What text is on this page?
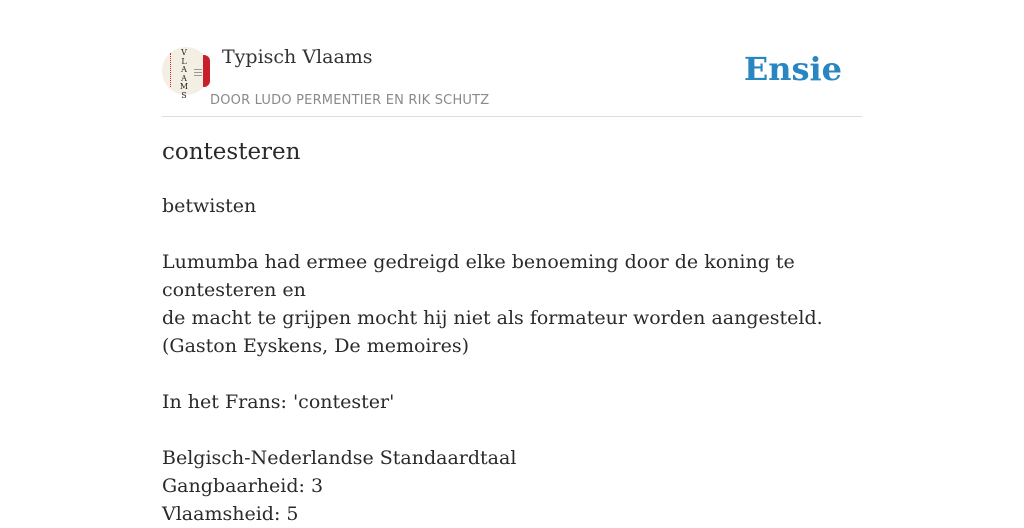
V
L
A
A
M
S
Typisch Vlaams
DOOR LUDO PERMENTIER EN RIK SCHUTZ
Ensie
contesteren

betwisten

Lumumba had ermee gedreigd elke benoeming door de koning te contesteren en

de macht te grijpen mocht hij niet als formateur worden aangesteld.

(Gaston Eyskens, De memoires)

In het Frans: 'contester'

Belgisch-Nederlandse Standaardtaal

Gangbaarheid: 3

Vlaamsheid: 5
